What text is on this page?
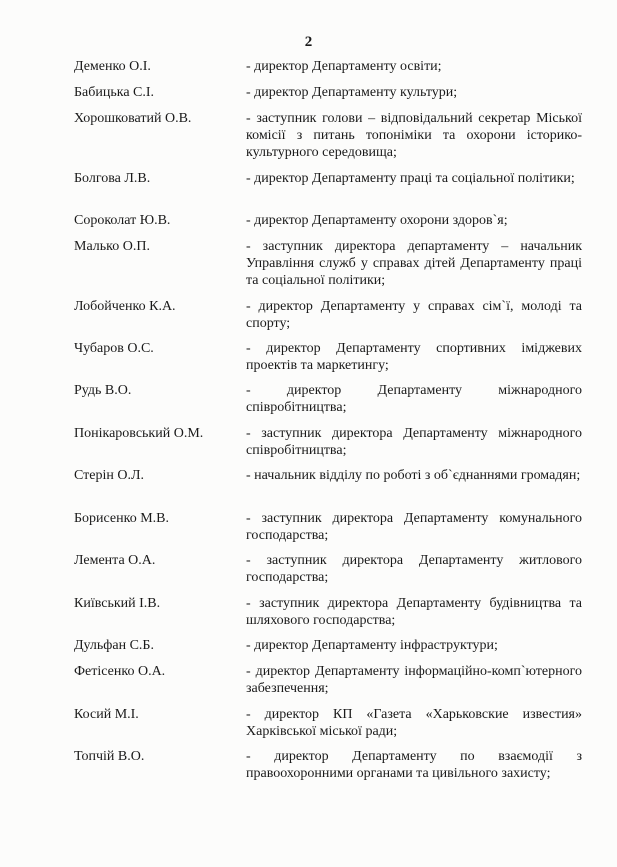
2
Деменко О.І.	- директор Департаменту освіти;
Бабицька С.І.	- директор Департаменту культури;
Хорошковатий О.В.	- заступник голови – відповідальний секретар Міської комісії з питань топоніміки та охорони історико-культурного середовища;
Болгова Л.В.	- директор Департаменту праці та соціальної політики;
Сороколат Ю.В.	- директор Департаменту охорони здоров`я;
Малько О.П.	- заступник директора департаменту – начальник Управління служб у справах дітей Департаменту праці та соціальної політики;
Лобойченко К.А.	- директор Департаменту у справах сім`ї, молоді та спорту;
Чубаров О.С.	- директор Департаменту спортивних іміджевих проектів та маркетингу;
Рудь В.О.	- директор Департаменту міжнародного співробітництва;
Понікаровський О.М.	- заступник директора Департаменту міжнародного співробітництва;
Стерін О.Л.	- начальник відділу по роботі з об`єднаннями громадян;
Борисенко М.В.	- заступник директора Департаменту комунального господарства;
Лемента О.А.	- заступник директора Департаменту житлового господарства;
Київський І.В.	- заступник директора Департаменту будівництва та шляхового господарства;
Дульфан С.Б.	- директор Департаменту інфраструктури;
Фетісенко О.А.	- директор Департаменту інформаційно-комп`ютерного забезпечення;
Косий М.І.	- директор КП «Газета «Харьковские известия» Харківської міської ради;
Топчій В.О.	- директор Департаменту по взаємодії з правоохоронними органами та цивільного захисту;
